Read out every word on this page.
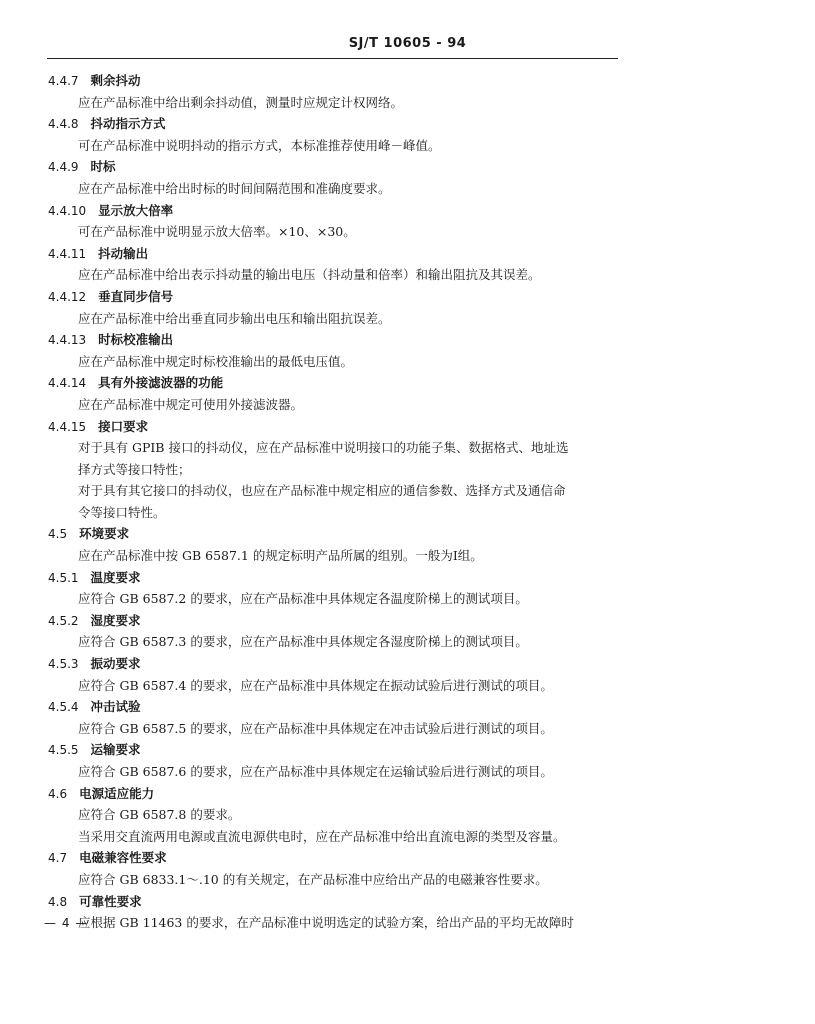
SJ/T 10605 - 94
4.4.7 剩余抖动
应在产品标准中给出剩余抖动值，测量时应规定计权网络。
4.4.8 抖动指示方式
可在产品标准中说明抖动的指示方式，本标准推荐使用峰－峰值。
4.4.9 时标
应在产品标准中给出时标的时间间隔范围和准确度要求。
4.4.10 显示放大倍率
可在产品标准中说明显示放大倍率。×10、×30。
4.4.11 抖动输出
应在产品标准中给出表示抖动量的输出电压（抖动量和倍率）和输出阻抗及其误差。
4.4.12 垂直同步信号
应在产品标准中给出垂直同步输出电压和输出阻抗误差。
4.4.13 时标校准输出
应在产品标准中规定时标校准输出的最低电压值。
4.4.14 具有外接滤波器的功能
应在产品标准中规定可使用外接滤波器。
4.4.15 接口要求
对于具有 GPIB 接口的抖动仪，应在产品标准中说明接口的功能子集、数据格式、地址选
择方式等接口特性；
对于具有其它接口的抖动仪，也应在产品标准中规定相应的通信参数、选择方式及通信命
令等接口特性。
4.5 环境要求
应在产品标准中按 GB 6587.1 的规定标明产品所属的组别。一般为Ⅰ组。
4.5.1 温度要求
应符合 GB 6587.2 的要求，应在产品标准中具体规定各温度阶梯上的测试项目。
4.5.2 湿度要求
应符合 GB 6587.3 的要求，应在产品标准中具体规定各湿度阶梯上的测试项目。
4.5.3 振动要求
应符合 GB 6587.4 的要求，应在产品标准中具体规定在振动试验后进行测试的项目。
4.5.4 冲击试验
应符合 GB 6587.5 的要求，应在产品标准中具体规定在冲击试验后进行测试的项目。
4.5.5 运输要求
应符合 GB 6587.6 的要求，应在产品标准中具体规定在运输试验后进行测试的项目。
4.6 电源适应能力
应符合 GB 6587.8 的要求。
当采用交直流两用电源或直流电源供电时，应在产品标准中给出直流电源的类型及容量。
4.7 电磁兼容性要求
应符合 GB 6833.1～.10 的有关规定，在产品标准中应给出产品的电磁兼容性要求。
4.8 可靠性要求
应根据 GB 11463 的要求，在产品标准中说明选定的试验方案，给出产品的平均无故障时
— 4 —
